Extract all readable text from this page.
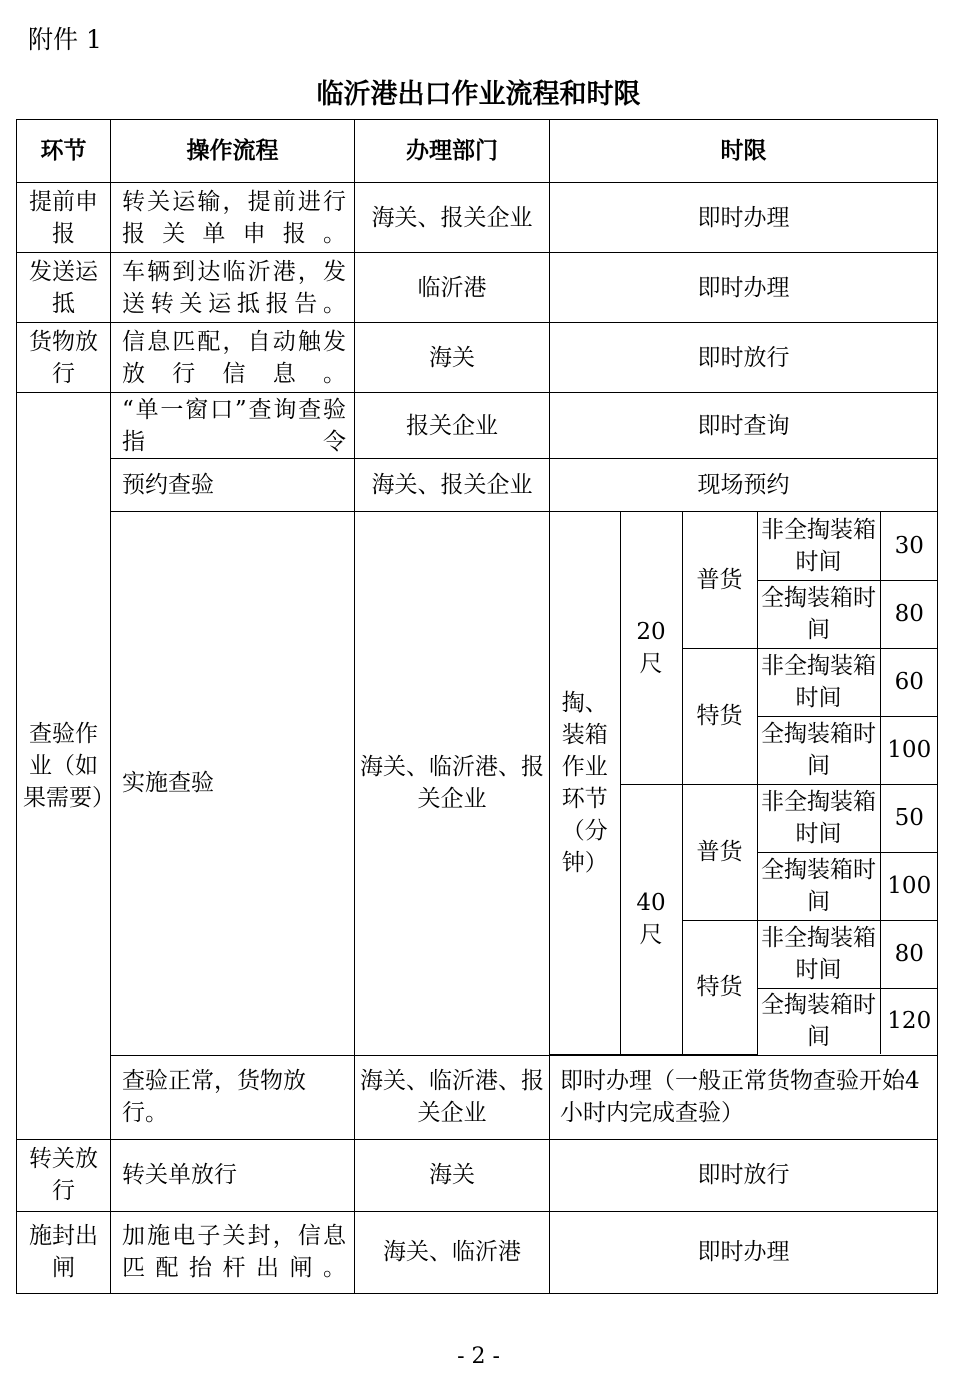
附件 1
临沂港出口作业流程和时限
环节	操作流程	办理部门	时限
提前申报	转关运输，提前进行报关单申报。	海关、报关企业	即时办理
发送运抵	车辆到达临沂港，发送转关运抵报告。	临沂港	即时办理
货物放行	信息匹配，自动触发放行信息。	海关	即时放行
查验作业（如果需要）	“单一窗口”查询查验指令	报关企业	即时查询
预约查验	海关、报关企业	现场预约
实施查验	海关、临沂港、报关企业	
掏、装箱作业环节（分钟）	20尺	普货	非全掏装箱时间	30
全掏装箱时间	80
特货	非全掏装箱时间	60
全掏装箱时间	100
40尺	普货	非全掏装箱时间	50
全掏装箱时间	100
特货	非全掏装箱时间	80
全掏装箱时间	120

查验正常，货物放行。	海关、临沂港、报关企业	即时办理（一般正常货物查验开始4小时内完成查验）
转关放行	转关单放行	海关	即时放行
施封出闸	加施电子关封，信息匹配抬杆出闸。	海关、临沂港	即时办理
- 2 -
